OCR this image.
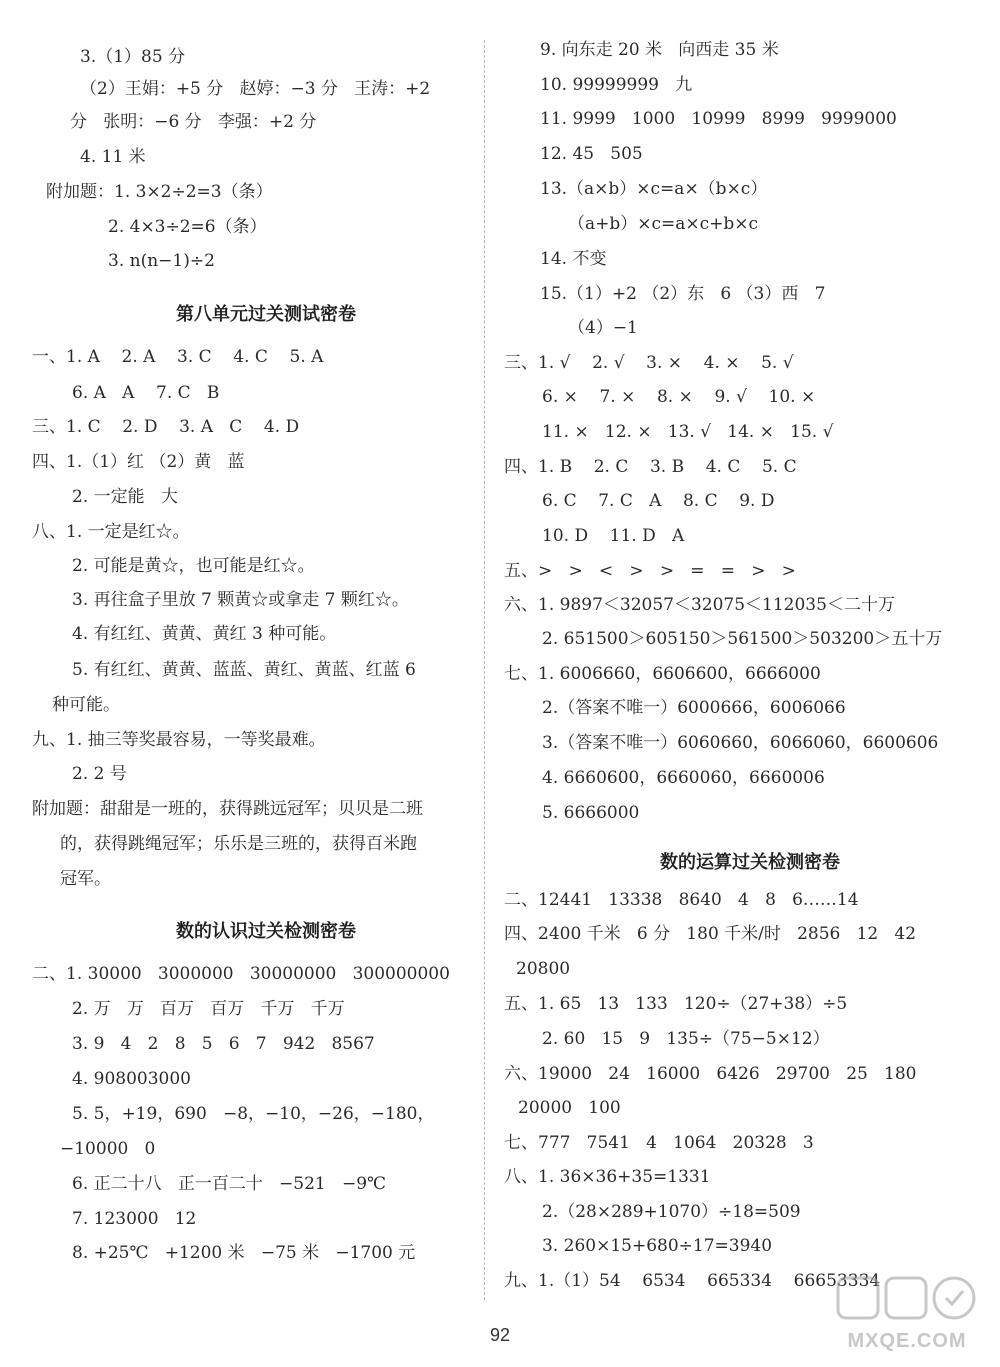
3.（1）85 分
（2）王娟：+5 分   赵婷：−3 分   王涛：+2
分   张明：−6 分   李强：+2 分
4. 11 米
附加题：1. 3×2÷2=3（条）
2. 4×3÷2=6（条）
3. n(n−1)÷2
第八单元过关测试密卷
一、1. A    2. A    3. C    4. C    5. A
6. A   A    7. C   B
三、1. C    2. D    3. A   C    4. D
四、1.（1）红 （2）黄   蓝
2. 一定能   大
八、1. 一定是红☆。
2. 可能是黄☆，也可能是红☆。
3. 再往盒子里放 7 颗黄☆或拿走 7 颗红☆。
4. 有红红、黄黄、黄红 3 种可能。
5. 有红红、黄黄、蓝蓝、黄红、黄蓝、红蓝 6
种可能。
九、1. 抽三等奖最容易，一等奖最难。
2. 2 号
附加题：甜甜是一班的，获得跳远冠军；贝贝是二班
的，获得跳绳冠军；乐乐是三班的，获得百米跑
冠军。
数的认识过关检测密卷
二、1. 30000   3000000   30000000   300000000
2. 万   万   百万   百万   千万   千万
3. 9   4   2   8   5   6   7   942   8567
4. 908003000
5. 5，+19，690   −8，−10，−26，−180，
−10000   0
6. 正二十八   正一百二十   −521   −9℃
7. 123000   12
8. +25℃   +1200 米   −75 米   −1700 元
9. 向东走 20 米   向西走 35 米
10. 99999999   九
11. 9999   1000   10999   8999   9999000
12. 45   505
13.（a×b）×c=a×（b×c）
（a+b）×c=a×c+b×c
14. 不变
15.（1）+2 （2）东   6 （3）西   7
（4）−1
三、1. √    2. √    3. ×    4. ×    5. √
6. ×    7. ×    8. ×    9. √    10. ×
11. ×   12. ×   13. √   14. ×   15. √
四、1. B    2. C    3. B    4. C    5. C
6. C    7. C   A    8. C    9. D
10. D    11. D   A
五、>   >   <   >   >   =   =   >   >
六、1. 9897＜32057＜32075＜112035＜二十万
2. 651500＞605150＞561500＞503200＞五十万
七、1. 6006660，6606600，6666000
2.（答案不唯一）6000666，6006066
3.（答案不唯一）6060660，6066060，6600606
4. 6660600，6660060，6660006
5. 6666000
数的运算过关检测密卷
二、12441   13338   8640   4   8   6……14
四、2400 千米   6 分   180 千米/时   2856   12   42
20800
五、1. 65   13   133   120÷（27+38）÷5
2. 60   15   9   135÷（75−5×12）
六、19000   24   16000   6426   29700   25   180
20000   100
七、777   7541   4   1064   20328   3
八、1. 36×36+35=1331
2.（28×289+1070）÷18=509
3. 260×15+680÷17=3940
九、1.（1）54    6534    665334    66653334
MXQE.COM
92
